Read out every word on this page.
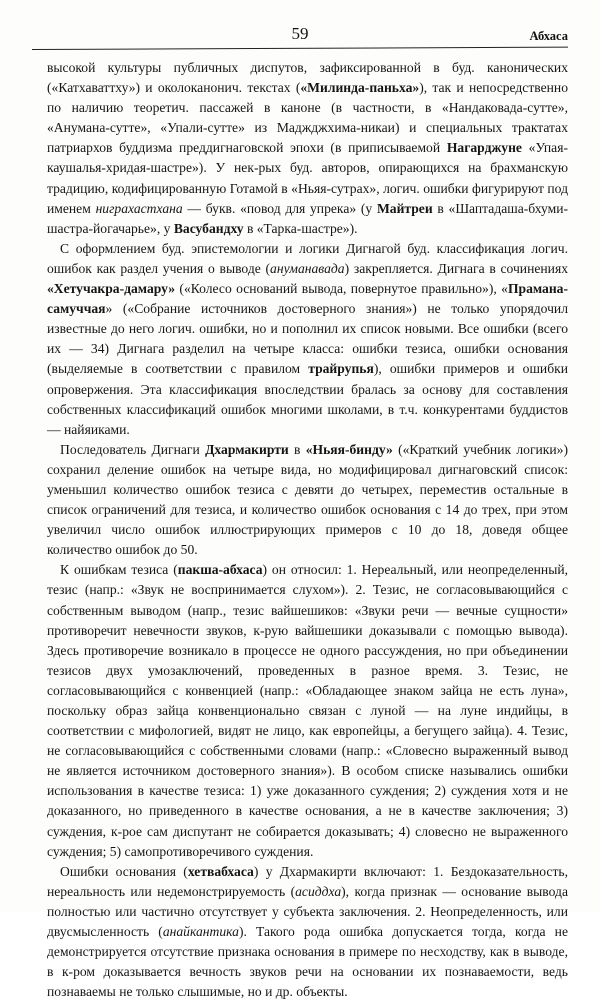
59	Абхаса

высокой культуры публичных диспутов, зафиксированной в буд. канонических («Катхаваттху») и околоканонич. текстах («Милинда-паньха»), так и непосредственно по наличию теоретич. пассажей в каноне (в частности, в «Нандаковада-сутте», «Анумана-сутте», «Упали-сутте» из Маджджхима-никаи) и специальных трактатах патриархов буддизма преддигнаговской эпохи (в приписываемой Нагарджуне «Упая-каушалья-хридая-шастре»). У нек-рых буд. авторов, опирающихся на брахманскую традицию, кодифицированную Готамой в «Ньяя-сутрах», логич. ошибки фигурируют под именем ниграхастхана — букв. «повод для упрека» (у Майтреи в «Шаптадаша-бхуми-шастра-йогачарье», у Васубандху в «Тарка-шастре»).

С оформлением буд. эпистемологии и логики Дигнагой буд. классификация логич. ошибок как раздел учения о выводе (ануманавада) закрепляется. Дигнага в сочинениях «Хетучакра-дамару» («Колесо оснований вывода, повернутое правильно»), «Прамана-самуччая» («Собрание источников достоверного знания») не только упорядочил известные до него логич. ошибки, но и пополнил их список новыми. Все ошибки (всего их — 34) Дигнага разделил на четыре класса: ошибки тезиса, ошибки основания (выделяемые в соответствии с правилом трайрупья), ошибки примеров и ошибки опровержения. Эта классификация впоследствии бралась за основу для составления собственных классификаций ошибок многими школами, в т.ч. конкурентами буддистов — найяиками.

Последователь Дигнаги Дхармакирти в «Ньяя-бинду» («Краткий учебник логики») сохранил деление ошибок на четыре вида, но модифицировал дигнаговский список: уменьшил количество ошибок тезиса с девяти до четырех, переместив остальные в список ограничений для тезиса, и количество ошибок основания с 14 до трех, при этом увеличил число ошибок иллюстрирующих примеров с 10 до 18, доведя общее количество ошибок до 50.

К ошибкам тезиса (пакша-абхаса) он относил: 1. Нереальный, или неопределенный, тезис (напр.: «Звук не воспринимается слухом»). 2. Тезис, не согласовывающийся с собственным выводом (напр., тезис вайшешиков: «Звуки речи — вечные сущности» противоречит невечности звуков, к-рую вайшешики доказывали с помощью вывода). Здесь противоречие возникало в процессе не одного рассуждения, но при объединении тезисов двух умозаключений, проведенных в разное время. 3. Тезис, не согласовывающийся с конвенцией (напр.: «Обладающее знаком зайца не есть луна», поскольку образ зайца конвенционально связан с луной — на луне индийцы, в соответствии с мифологией, видят не лицо, как европейцы, а бегущего зайца). 4. Тезис, не согласовывающийся с собственными словами (напр.: «Словесно выраженный вывод не является источником достоверного знания»). В особом списке назывались ошибки использования в качестве тезиса: 1) уже доказанного суждения; 2) суждения хотя и не доказанного, но приведенного в качестве основания, а не в качестве заключения; 3) суждения, к-рое сам диспутант не собирается доказывать; 4) словесно не выраженного суждения; 5) самопротиворечивого суждения.

Ошибки основания (хетвабхаса) у Дхармакирти включают: 1. Бездоказательность, нереальность или недемонстрируемость (асиддха), когда признак — основание вывода полностью или частично отсутствует у субъекта заключения. 2. Неопределенность, или двусмысленность (анайкантика). Такого рода ошибка допускается тогда, когда не демонстрируется отсутствие признака основания в примере по несходству, как в выводе, в к-ром доказывается вечность звуков речи на основании их познаваемости, ведь познаваемы не только слышимые, но и др. объекты.
